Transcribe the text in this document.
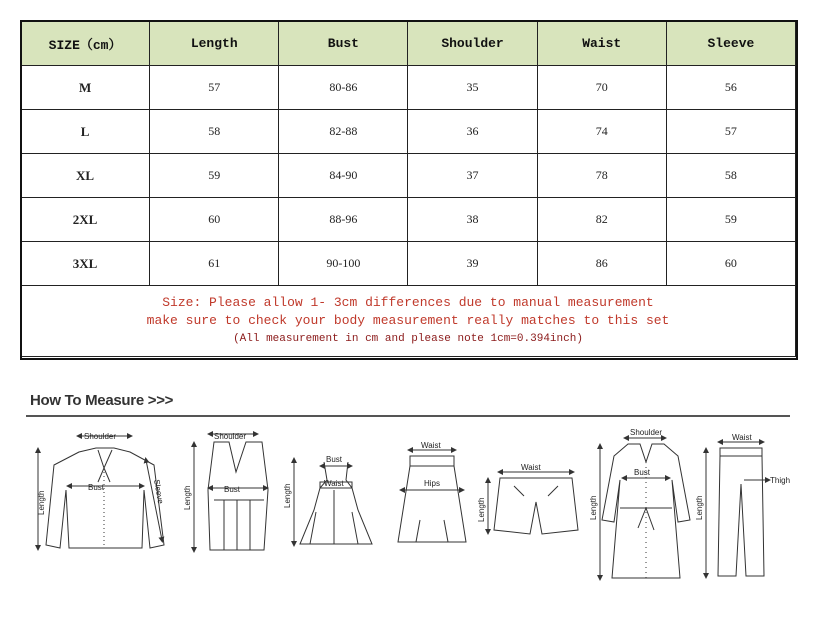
SIZE（cm）	Length	Bust	Shoulder	Waist	Sleeve
M	57	80-86	35	70	56
L	58	82-88	36	74	57
XL	59	84-90	37	78	58
2XL	60	88-96	38	82	59
3XL	61	90-100	39	86	60

Size: Please allow 1- 3cm differences due to manual measurement
make sure to check your body measurement really matches to this set
(All measurement in cm and please note 1cm=0.394inch)					
How To Measure >>>
Shoulder
Bust
Length	Sleeve
Shoulder
Bust
Length
Bust
Waist
Length
Waist
Hips
Waist
Length
Shoulder
Bust
Length
Waist
Thigh
Length
